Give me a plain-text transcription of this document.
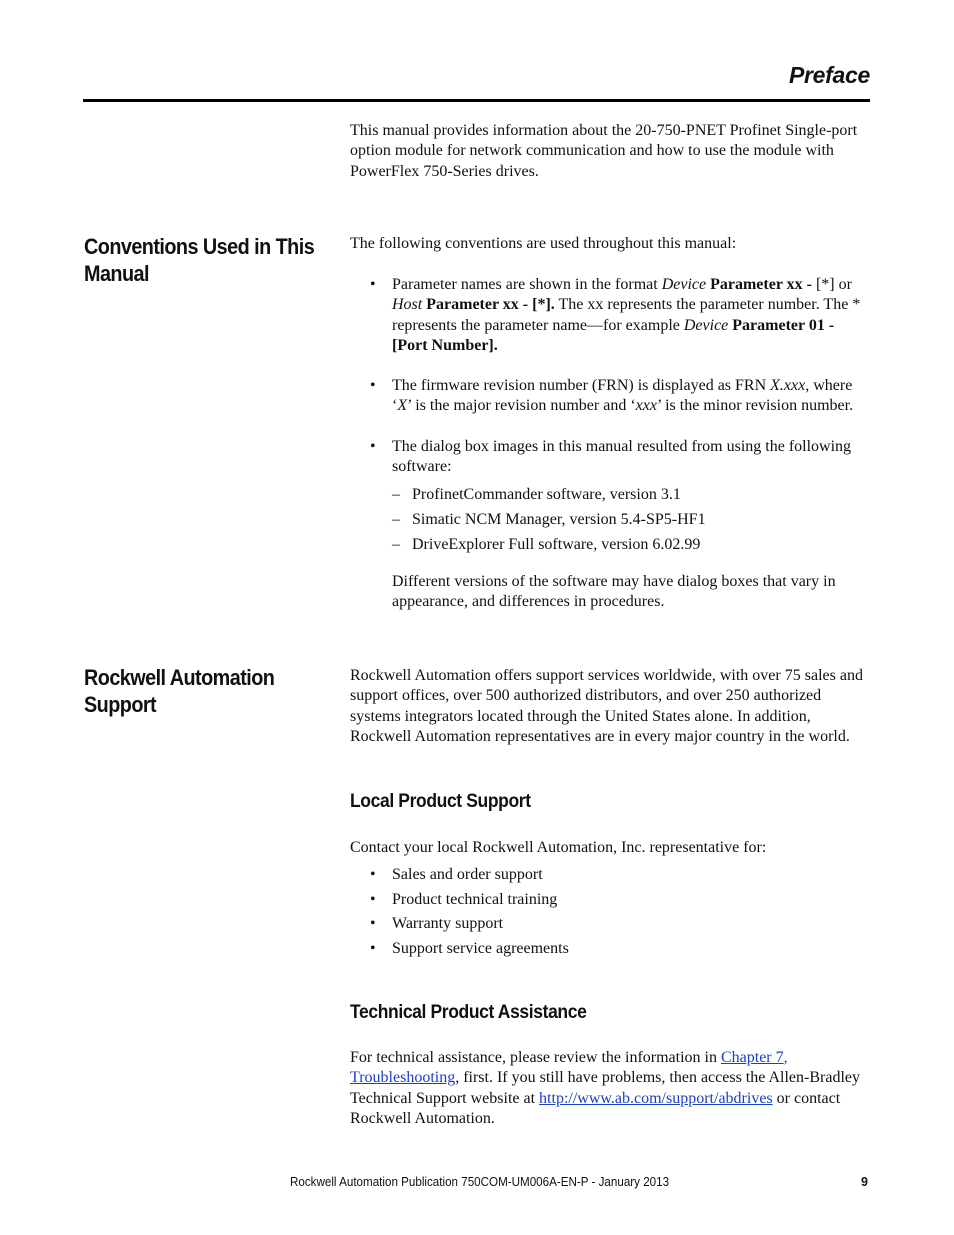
Preface
This manual provides information about the 20-750-PNET Profinet Single-port option module for network communication and how to use the module with PowerFlex 750-Series drives.
Conventions Used in This Manual
The following conventions are used throughout this manual:
• Parameter names are shown in the format Device Parameter xx - [*] or Host Parameter xx - [*]. The xx represents the parameter number. The * represents the parameter name—for example Device Parameter 01 - [Port Number].
• The firmware revision number (FRN) is displayed as FRN X.xxx, where ‘X’ is the major revision number and ‘xxx’ is the minor revision number.
• The dialog box images in this manual resulted from using the following software:
– ProfinetCommander software, version 3.1
– Simatic NCM Manager, version 5.4-SP5-HF1
– DriveExplorer Full software, version 6.02.99
Different versions of the software may have dialog boxes that vary in appearance, and differences in procedures.
Rockwell Automation Support
Rockwell Automation offers support services worldwide, with over 75 sales and support offices, over 500 authorized distributors, and over 250 authorized systems integrators located through the United States alone. In addition, Rockwell Automation representatives are in every major country in the world.
Local Product Support
Contact your local Rockwell Automation, Inc. representative for:
• Sales and order support
• Product technical training
• Warranty support
• Support service agreements
Technical Product Assistance
For technical assistance, please review the information in Chapter 7,
Troubleshooting, first. If you still have problems, then access the Allen-Bradley Technical Support website at http://www.ab.com/support/abdrives or contact Rockwell Automation.
Rockwell Automation Publication 750COM-UM006A-EN-P - January 2013	9
